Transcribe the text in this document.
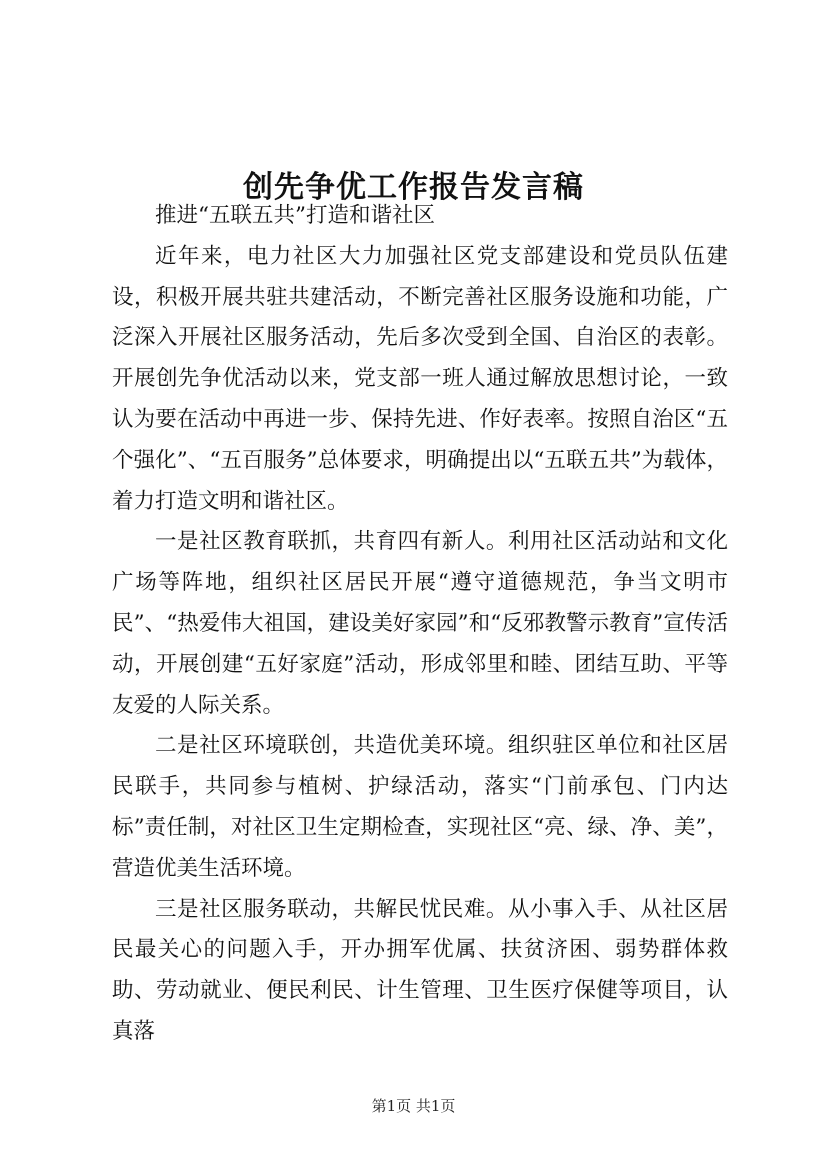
创先争优工作报告发言稿

推进“五联五共”打造和谐社区

近年来，电力社区大力加强社区党支部建设和党员队伍建设，积极开展共驻共建活动，不断完善社区服务设施和功能，广泛深入开展社区服务活动，先后多次受到全国、自治区的表彰。开展创先争优活动以来，党支部一班人通过解放思想讨论，一致认为要在活动中再进一步、保持先进、作好表率。按照自治区“五个强化”、“五百服务”总体要求，明确提出以“五联五共”为载体，着力打造文明和谐社区。

一是社区教育联抓，共育四有新人。利用社区活动站和文化广场等阵地，组织社区居民开展“遵守道德规范，争当文明市民”、“热爱伟大祖国，建设美好家园”和“反邪教警示教育”宣传活动，开展创建“五好家庭”活动，形成邻里和睦、团结互助、平等友爱的人际关系。

二是社区环境联创，共造优美环境。组织驻区单位和社区居民联手，共同参与植树、护绿活动，落实“门前承包、门内达标”责任制，对社区卫生定期检查，实现社区“亮、绿、净、美”，营造优美生活环境。

三是社区服务联动，共解民忧民难。从小事入手、从社区居民最关心的问题入手，开办拥军优属、扶贫济困、弱势群体救助、劳动就业、便民利民、计生管理、卫生医疗保健等项目，认真落

第1页 共1页
